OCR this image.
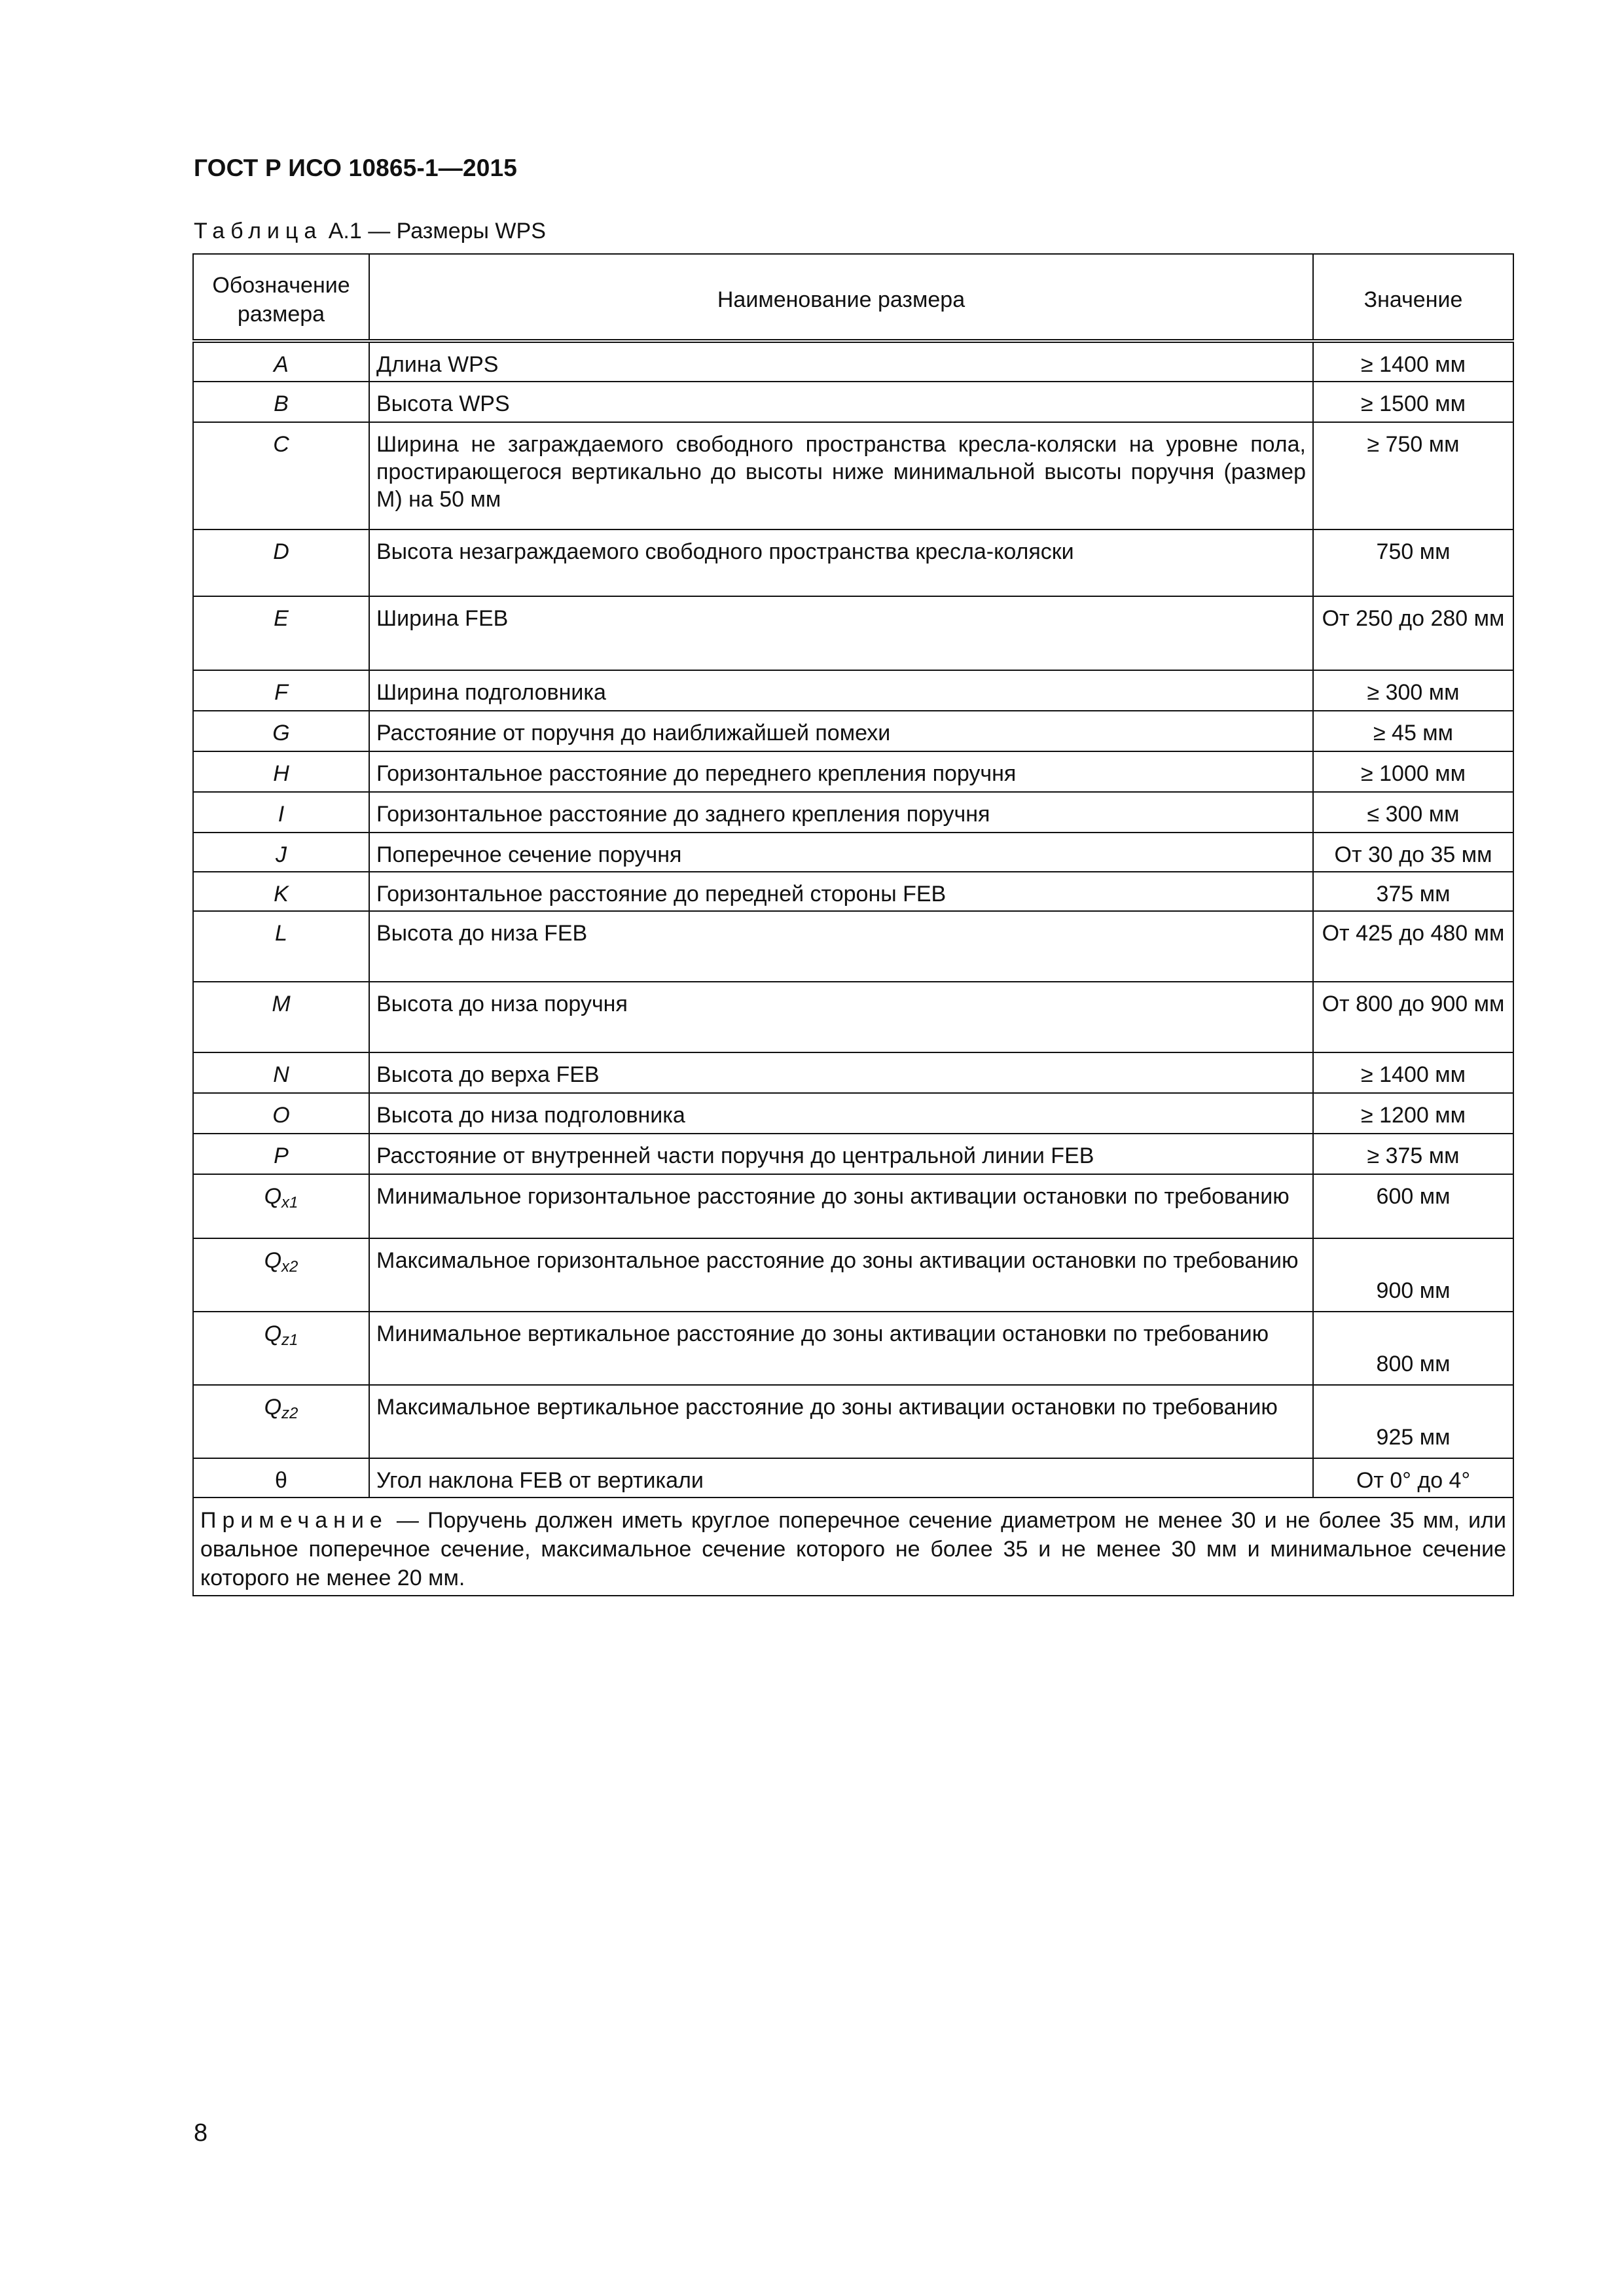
ГОСТ Р ИСО 10865-1—2015
Таблица А.1 — Размеры WPS
Обозначение размера	Наименование размера	Значение
A	Длина WPS	≥ 1400 мм
B	Высота WPS	≥ 1500 мм
C	Ширина не заграждаемого свободного пространства кресла-коляски на уровне пола, простирающегося вертикально до высоты ниже минимальной высоты поручня (размер M) на 50 мм	≥ 750 мм
D	Высота незаграждаемого свободного пространства кресла-коляски	750 мм
E	Ширина FEB	От 250 до 280 мм
F	Ширина подголовника	≥ 300 мм
G	Расстояние от поручня до наиближайшей помехи	≥ 45 мм
H	Горизонтальное расстояние до переднего крепления поручня	≥ 1000 мм
I	Горизонтальное расстояние до заднего крепления поручня	≤ 300 мм
J	Поперечное сечение поручня	От 30 до 35 мм
K	Горизонтальное расстояние до передней стороны FEB	375 мм
L	Высота до низа FEB	От 425 до 480 мм
M	Высота до низа поручня	От 800 до 900 мм
N	Высота до верха FEB	≥ 1400 мм
O	Высота до низа подголовника	≥ 1200 мм
P	Расстояние от внутренней части поручня до центральной линии FEB	≥ 375 мм
$Q_{x1}$	Минимальное горизонтальное расстояние до зоны активации остановки по требованию	600 мм
$Q_{x2}$	Максимальное горизонтальное расстояние до зоны активации остановки по требованию	900 мм
$Q_{z1}$	Минимальное вертикальное расстояние до зоны активации остановки по требованию	800 мм
$Q_{z2}$	Максимальное вертикальное расстояние до зоны активации остановки по требованию	925 мм
θ	Угол наклона FEB от вертикали	От 0° до 4°
Примечание — Поручень должен иметь круглое поперечное сечение диаметром не менее 30 и не более 35 мм, или овальное поперечное сечение, максимальное сечение которого не более 35 и не менее 30 мм и минимальное сечение которого не менее 20 мм.		
8
